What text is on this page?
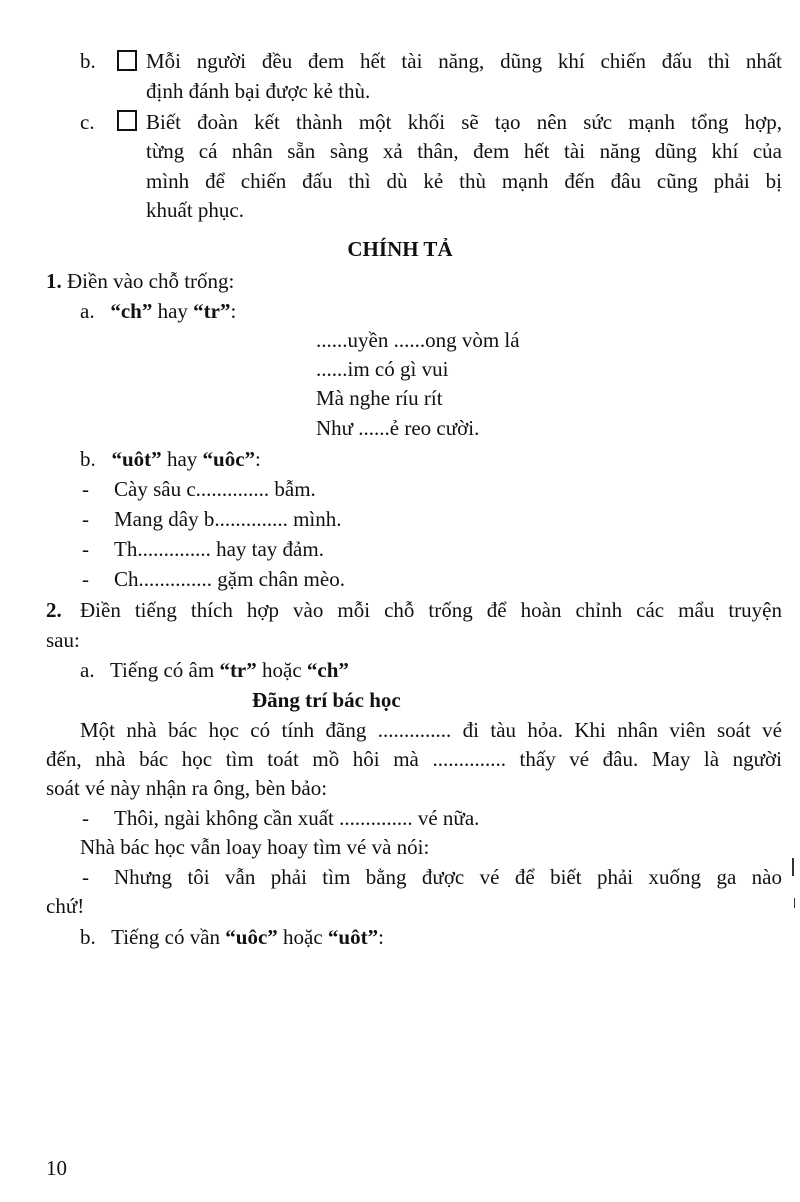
b. Mỗi người đều đem hết tài năng, dũng khí chiến đấu thì nhất
định đánh bại được kẻ thù.
c. Biết đoàn kết thành một khối sẽ tạo nên sức mạnh tổng hợp,
từng cá nhân sẵn sàng xả thân, đem hết tài năng dũng khí của
mình để chiến đấu thì dù kẻ thù mạnh đến đâu cũng phải bị
khuất phục.
CHÍNH TẢ
1. Điền vào chỗ trống:
a. “ch” hay “tr”:
......uyền ......ong vòm lá
......im có gì vui
Mà nghe ríu rít
Như ......ẻ reo cười.
b. “uôt” hay “uôc”:
- Cày sâu c.............. bẫm.
- Mang dây b.............. mình.
- Th.............. hay tay đảm.
- Ch.............. gặm chân mèo.
2. Điền tiếng thích hợp vào mỗi chỗ trống để hoàn chỉnh các mẩu truyện
sau:
a. Tiếng có âm “tr” hoặc “ch”
Đãng trí bác học
Một nhà bác học có tính đãng .............. đi tàu hỏa. Khi nhân viên soát vé
đến, nhà bác học tìm toát mồ hôi mà .............. thấy vé đâu. May là người
soát vé này nhận ra ông, bèn bảo:
- Thôi, ngài không cần xuất .............. vé nữa.
Nhà bác học vẫn loay hoay tìm vé và nói:
- Nhưng tôi vẫn phải tìm bằng được vé để biết phải xuống ga nào
chứ!
b. Tiếng có vần “uôc” hoặc “uôt”:
10
